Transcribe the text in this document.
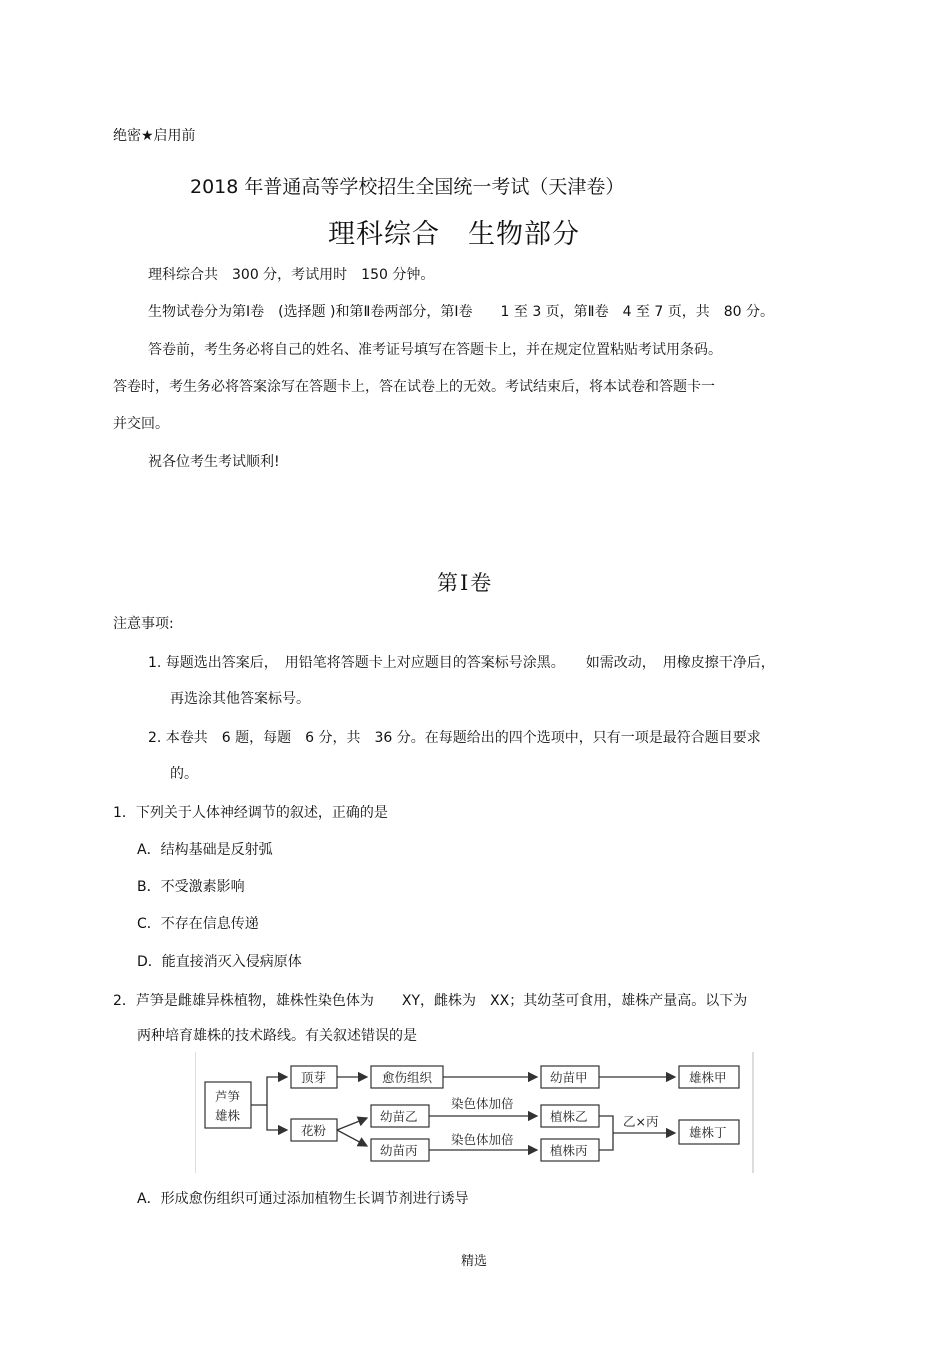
绝密★启用前
2018 年普通高等学校招生全国统一考试（天津卷）
理科综合　生物部分
理科综合共　300 分，考试用时　150 分钟。
生物试卷分为第Ⅰ卷　(选择题 )和第Ⅱ卷两部分，第Ⅰ卷　　1 至 3 页，第Ⅱ卷　4 至 7 页，共　80 分。
答卷前，考生务必将自己的姓名、准考证号填写在答题卡上，并在规定位置粘贴考试用条码。
答卷时，考生务必将答案涂写在答题卡上，答在试卷上的无效。考试结束后，将本试卷和答题卡一
并交回。
祝各位考生考试顺利!
第Ⅰ卷
注意事项:
1. 每题选出答案后，　用铅笔将答题卡上对应题目的答案标号涂黑。　　如需改动，　用橡皮擦干净后，
再选涂其他答案标号。
2. 本卷共　6 题，每题　6 分，共　36 分。在每题给出的四个选项中，只有一项是最符合题目要求
的。
1．下列关于人体神经调节的叙述，正确的是
A．结构基础是反射弧
B．不受激素影响
C．不存在信息传递
D．能直接消灭入侵病原体
2．芦笋是雌雄异株植物，雄株性染色体为　　XY，雌株为　XX；其幼茎可食用，雄株产量高。以下为
两种培育雄株的技术路线。有关叙述错误的是
芦笋
雄株
顶芽	愈伤组织	幼苗甲	雄株甲
花粉
幼苗乙
幼苗丙
染色体加倍
染色体加倍
植株乙
植株丙
乙×丙
雄株丁
A．形成愈伤组织可通过添加植物生长调节剂进行诱导
精选
